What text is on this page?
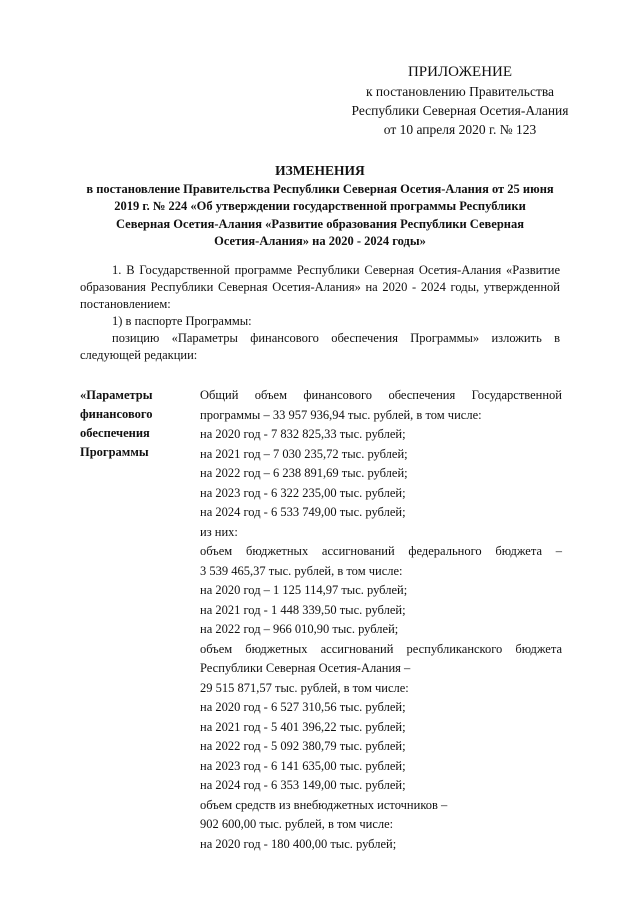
ПРИЛОЖЕНИЕ
к постановлению Правительства
Республики Северная Осетия-Алания
от 10 апреля 2020 г. № 123
ИЗМЕНЕНИЯ
в постановление Правительства Республики Северная Осетия-Алания от 25 июня
2019 г. № 224 «Об утверждении государственной программы Республики
Северная Осетия-Алания «Развитие образования Республики Северная
Осетия-Алания» на 2020 - 2024 годы»

1. В Государственной программе Республики Северная Осетия-Алания «Развитие образования Республики Северная Осетия-Алания» на 2020 - 2024 годы, утвержденной постановлением:

1) в паспорте Программы:

позицию «Параметры финансового обеспечения Программы» изложить в следующей редакции:

«Параметры
финансового
обеспечения
Программы
Общий объем финансового обеспечения Государственной
программы – 33 957 936,94 тыс. рублей, в том числе:
на 2020 год - 7 832 825,33 тыс. рублей;
на 2021 год – 7 030 235,72 тыс. рублей;
на 2022 год – 6 238 891,69 тыс. рублей;
на 2023 год - 6 322 235,00 тыс. рублей;
на 2024 год - 6 533 749,00 тыс. рублей;
из них:
объем бюджетных ассигнований федерального бюджета –
3 539 465,37 тыс. рублей, в том числе:
на 2020 год – 1 125 114,97 тыс. рублей;
на 2021 год - 1 448 339,50 тыс. рублей;
на 2022 год – 966 010,90 тыс. рублей;
объем бюджетных ассигнований республиканского бюджета
Республики Северная Осетия-Алания –
29 515 871,57 тыс. рублей, в том числе:
на 2020 год - 6 527 310,56 тыс. рублей;
на 2021 год - 5 401 396,22 тыс. рублей;
на 2022 год - 5 092 380,79 тыс. рублей;
на 2023 год - 6 141 635,00 тыс. рублей;
на 2024 год - 6 353 149,00 тыс. рублей;
объем средств из внебюджетных источников –
902 600,00 тыс. рублей, в том числе:
на 2020 год - 180 400,00 тыс. рублей;
